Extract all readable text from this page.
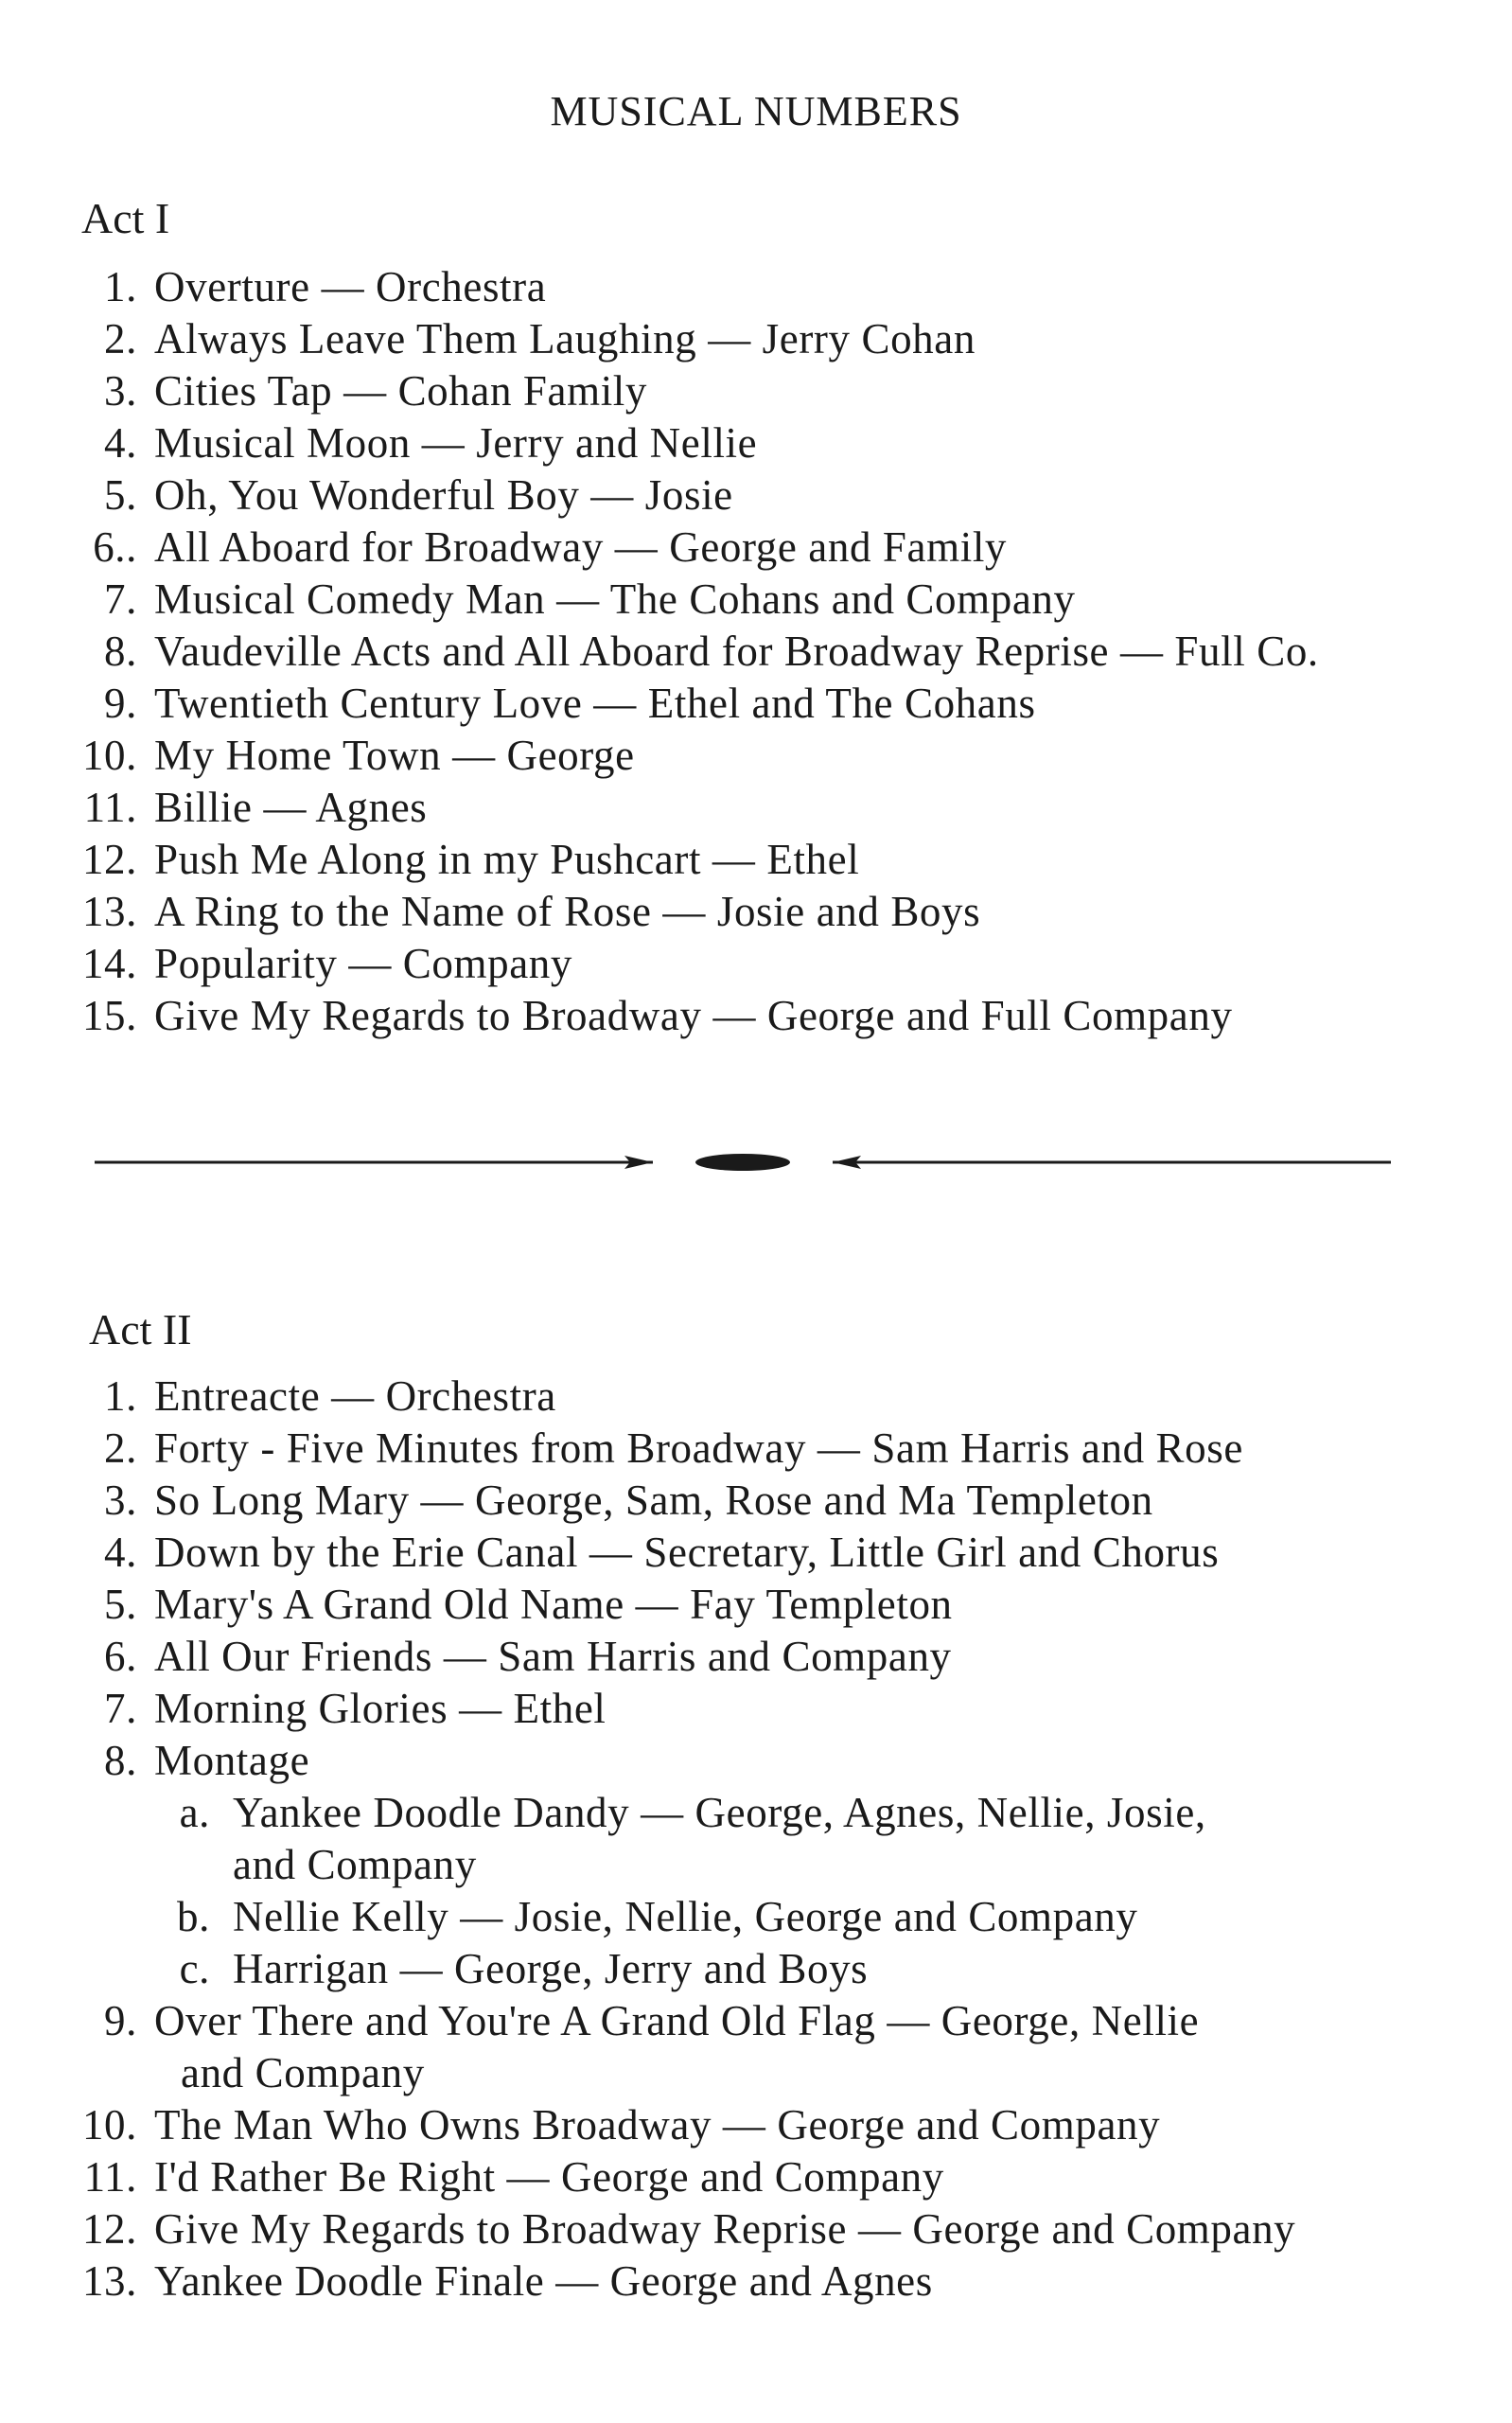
MUSICAL NUMBERS
Act I
1. Overture — Orchestra
2. Always Leave Them Laughing — Jerry Cohan
3. Cities Tap — Cohan Family
4. Musical Moon — Jerry and Nellie
5. Oh, You Wonderful Boy — Josie
6.. All Aboard for Broadway — George and Family
7. Musical Comedy Man — The Cohans and Company
8. Vaudeville Acts and All Aboard for Broadway Reprise — Full Co.
9. Twentieth Century Love — Ethel and The Cohans
10. My Home Town — George
11. Billie — Agnes
12. Push Me Along in my Pushcart — Ethel
13. A Ring to the Name of Rose — Josie and Boys
14. Popularity — Company
15. Give My Regards to Broadway — George and Full Company
Act II
1. Entreacte — Orchestra
2. Forty - Five Minutes from Broadway — Sam Harris and Rose
3. So Long Mary — George, Sam, Rose and Ma Templeton
4. Down by the Erie Canal — Secretary, Little Girl and Chorus
5. Mary's A Grand Old Name — Fay Templeton
6. All Our Friends — Sam Harris and Company
7. Morning Glories — Ethel
8. Montage
a. Yankee Doodle Dandy — George, Agnes, Nellie, Josie,
and Company
b. Nellie Kelly — Josie, Nellie, George and Company
c. Harrigan — George, Jerry and Boys
9. Over There and You're A Grand Old Flag — George, Nellie
and Company
10. The Man Who Owns Broadway — George and Company
11. I'd Rather Be Right — George and Company
12. Give My Regards to Broadway Reprise — George and Company
13. Yankee Doodle Finale — George and Agnes
